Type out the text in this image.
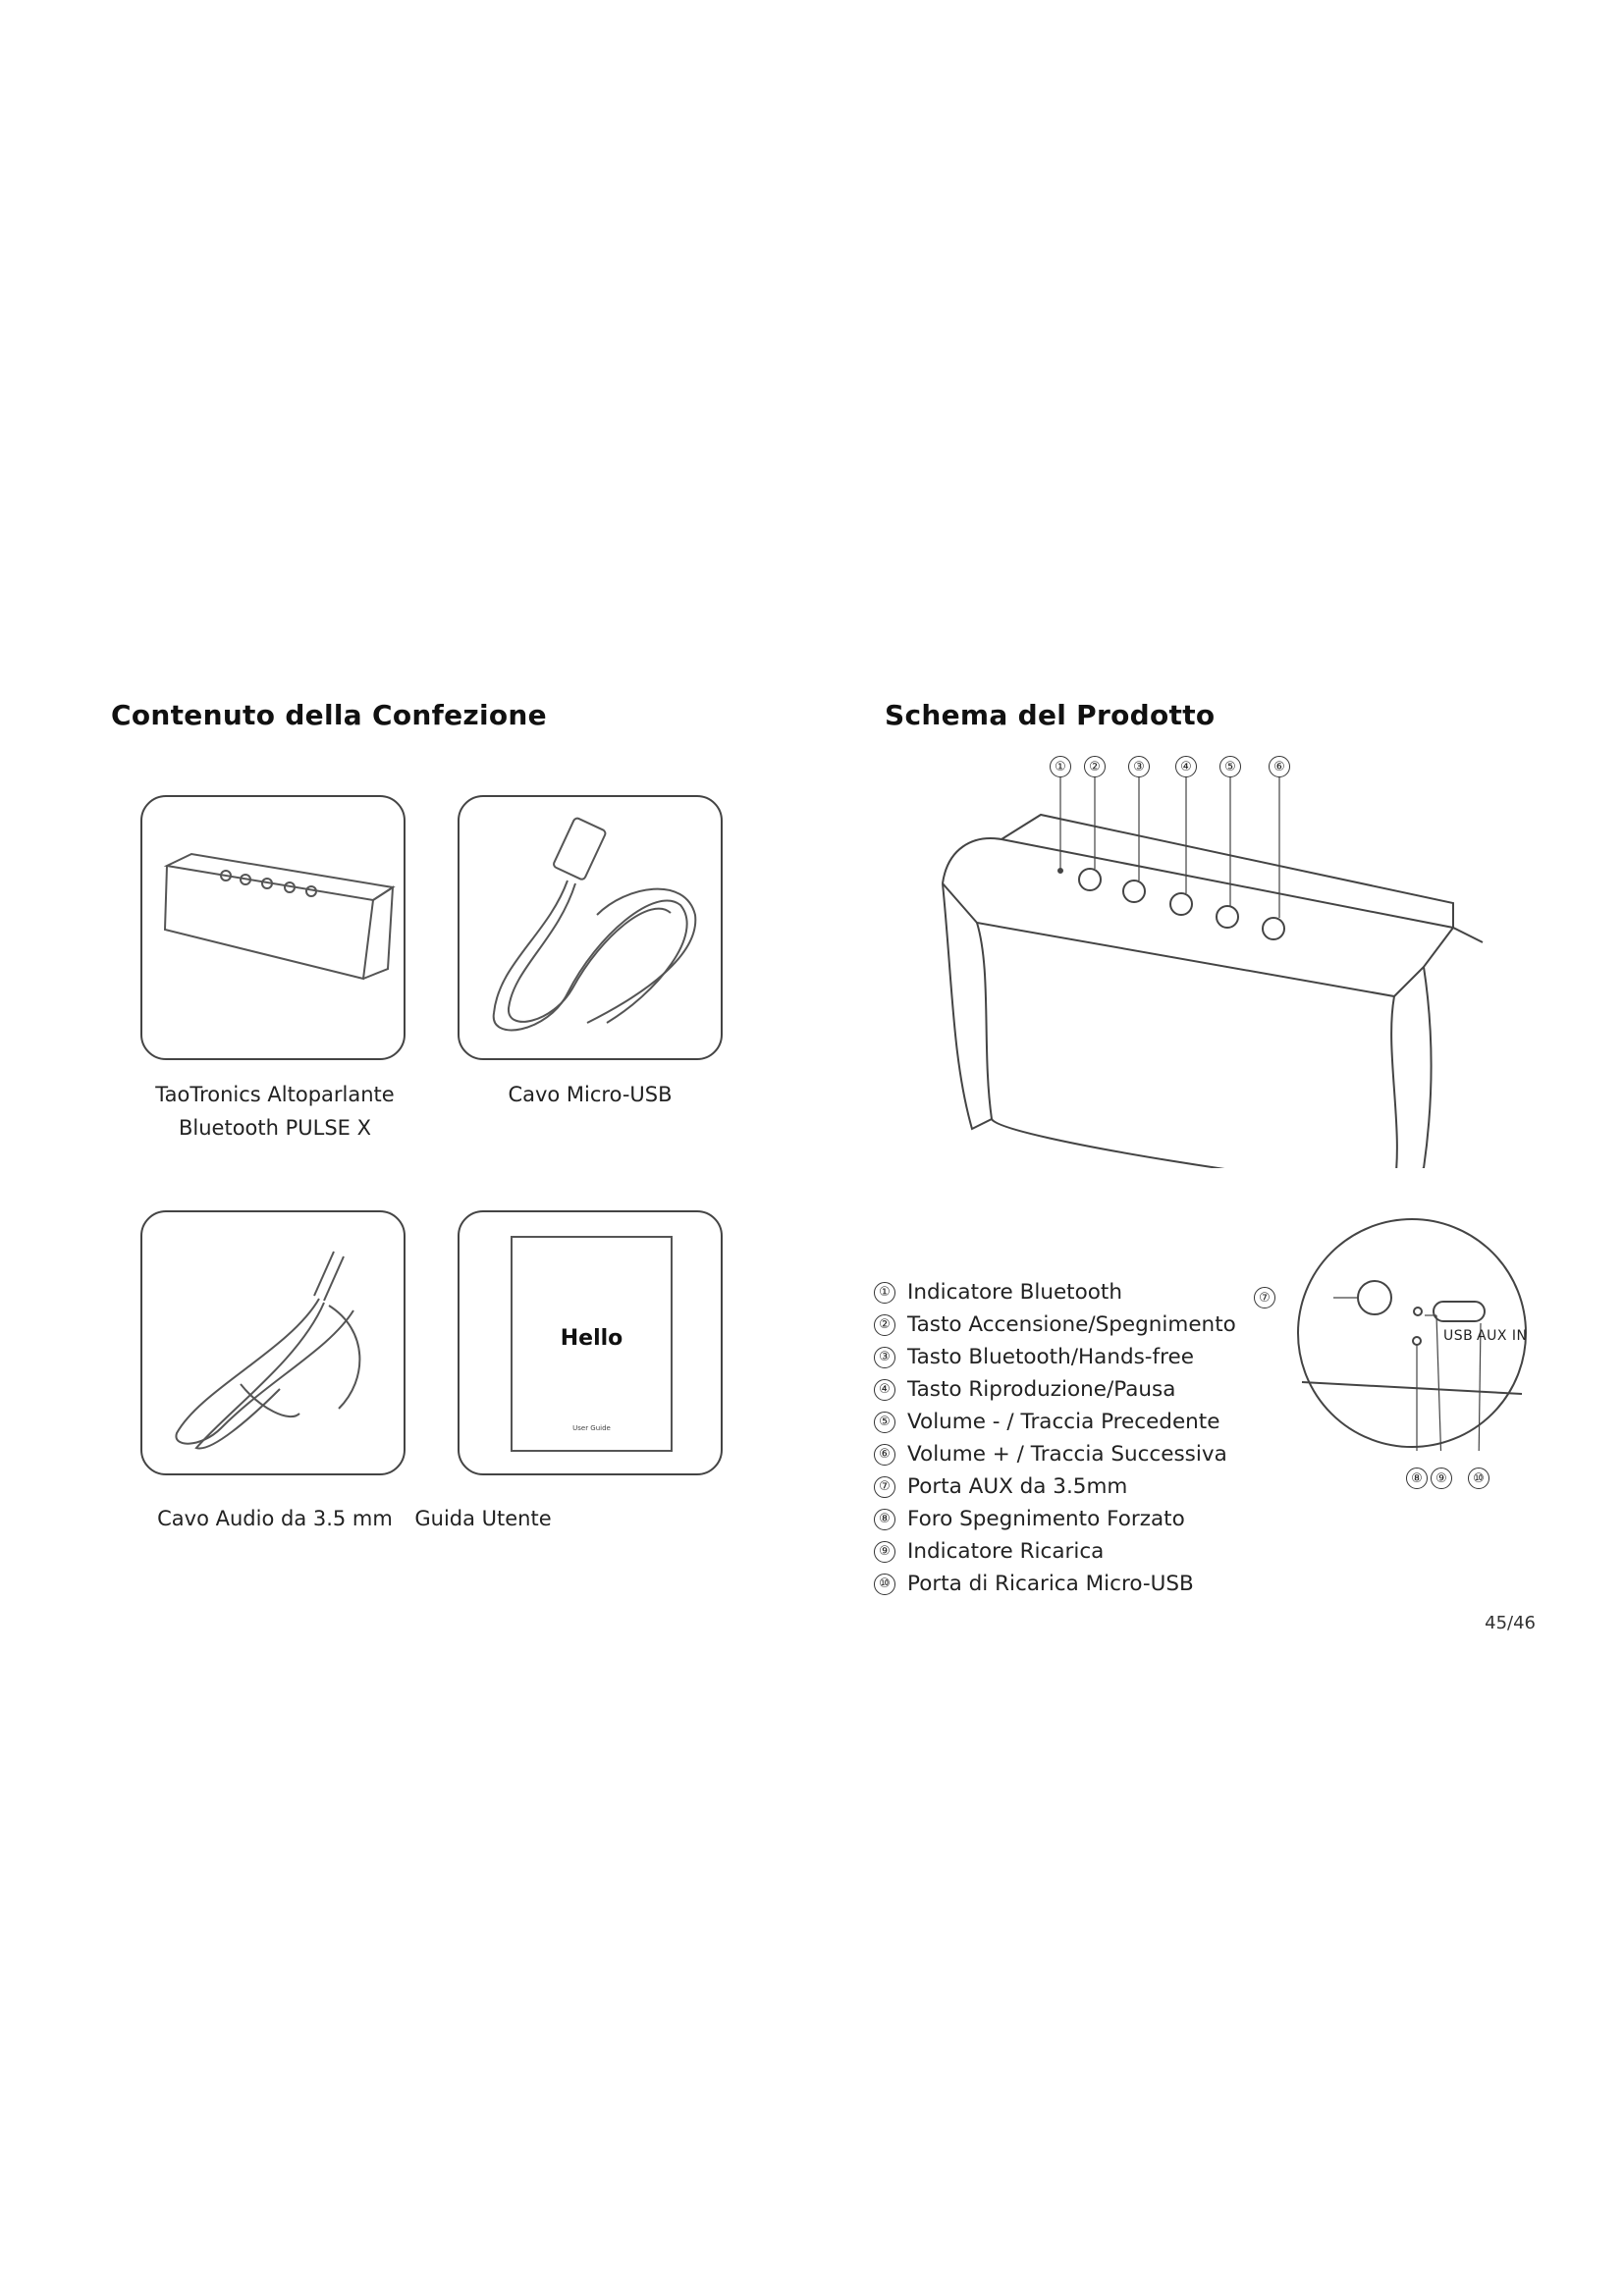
Contenuto della Confezione
TaoTronics Altoparlante
Bluetooth PULSE X
Cavo Micro-USB
Hello
User Guide
Cavo Audio da 3.5 mm	Guida Utente
Schema del Prodotto
①	②	③	④	⑤	⑥
USB AUX IN
⑦
⑧	⑨	⑩
① Indicatore Bluetooth
② Tasto Accensione/Spegnimento
③ Tasto Bluetooth/Hands-free
④ Tasto Riproduzione/Pausa
⑤ Volume - / Traccia Precedente
⑥ Volume + / Traccia Successiva
⑦ Porta AUX da 3.5mm
⑧ Foro Spegnimento Forzato
⑨ Indicatore Ricarica
⑩ Porta di Ricarica Micro-USB
45/46
